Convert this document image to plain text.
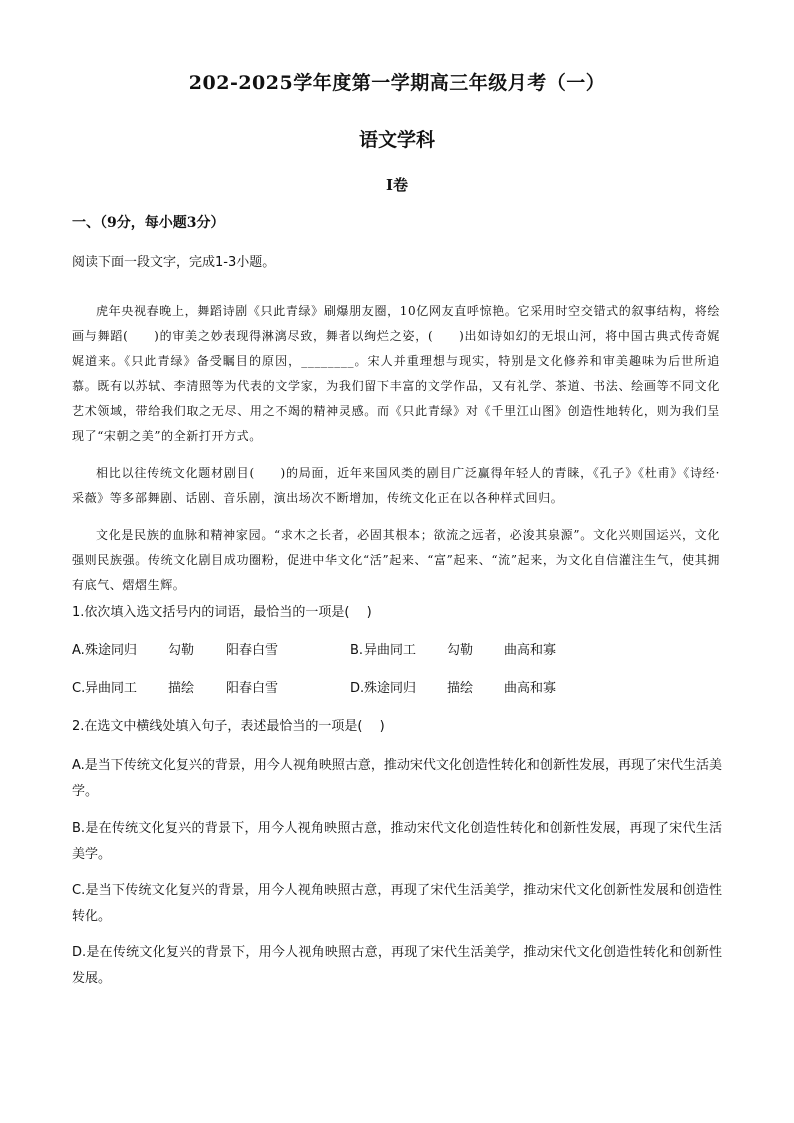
202-2025学年度第一学期高三年级月考（一）
语文学科
Ⅰ卷
一、（9分，每小题3分）
阅读下面一段文字，完成1-3小题。

虎年央视春晚上，舞蹈诗剧《只此青绿》刷爆朋友圈，10亿网友直呼惊艳。它采用时空交错式的叙事结构，将绘画与舞蹈(　　)的审美之妙表现得淋漓尽致，舞者以绚烂之姿，(　　)出如诗如幻的无垠山河，将中国古典式传奇娓娓道来。《只此青绿》备受瞩目的原因，________。宋人并重理想与现实，特别是文化修养和审美趣味为后世所追慕。既有以苏轼、李清照等为代表的文学家，为我们留下丰富的文学作品，又有礼学、茶道、书法、绘画等不同文化艺术领域，带给我们取之无尽、用之不竭的精神灵感。而《只此青绿》对《千里江山图》创造性地转化，则为我们呈现了“宋朝之美”的全新打开方式。

相比以往传统文化题材剧目(　　)的局面，近年来国风类的剧目广泛赢得年轻人的青睐，《孔子》《杜甫》《诗经·采薇》等多部舞剧、话剧、音乐剧，演出场次不断增加，传统文化正在以各种样式回归。

文化是民族的血脉和精神家园。“求木之长者，必固其根本；欲流之远者，必浚其泉源”。文化兴则国运兴，文化强则民族强。传统文化剧目成功圈粉，促进中华文化“活”起来、“富”起来、“流”起来，为文化自信灌注生气，使其拥有底气、熠熠生辉。

1.依次填入选文括号内的词语，最恰当的一项是(　 )
A. 殊途同归 勾勒 阳春白雪	B. 异曲同工 勾勒 曲高和寡
C. 异曲同工 描绘 阳春白雪	D. 殊途同归 描绘 曲高和寡
2.在选文中横线处填入句子，表述最恰当的一项是(　 )
A.是当下传统文化复兴的背景，用今人视角映照古意，推动宋代文化创造性转化和创新性发展，再现了宋代生活美学。
B.是在传统文化复兴的背景下，用今人视角映照古意，推动宋代文化创造性转化和创新性发展，再现了宋代生活美学。
C.是当下传统文化复兴的背景，用今人视角映照古意，再现了宋代生活美学，推动宋代文化创新性发展和创造性转化。
D.是在传统文化复兴的背景下，用今人视角映照古意，再现了宋代生活美学，推动宋代文化创造性转化和创新性发展。
